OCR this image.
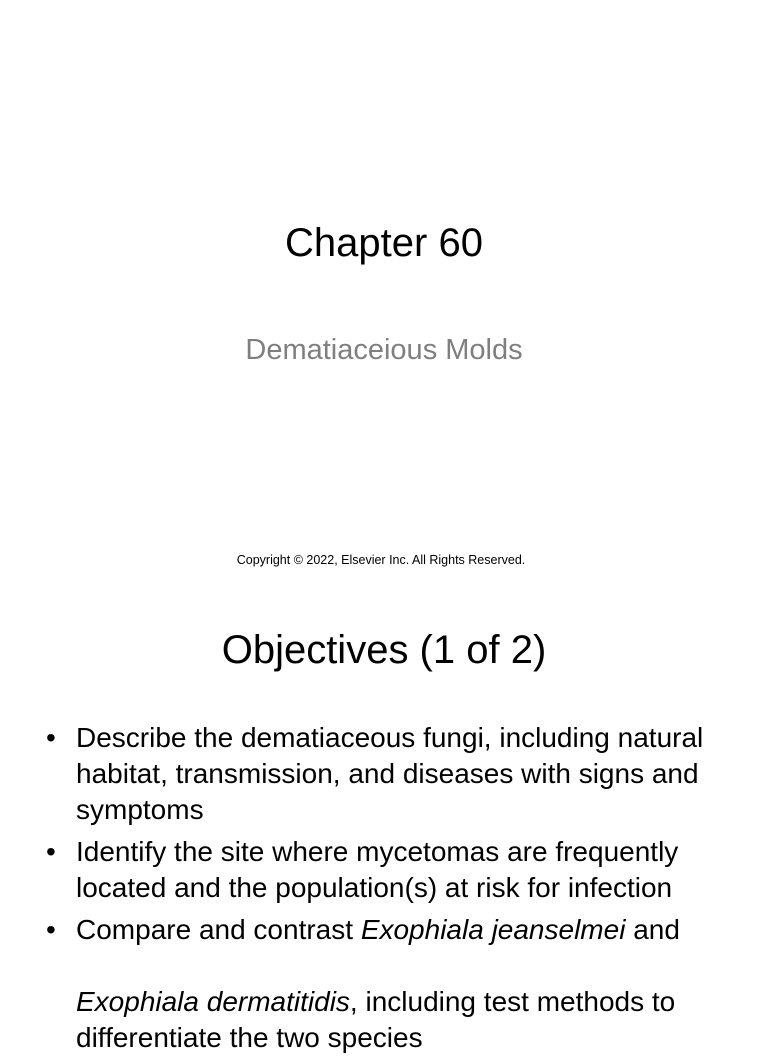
Chapter 60
Dematiaceious Molds
Copyright © 2022, Elsevier Inc. All Rights Reserved.
Objectives (1 of 2)
• Describe the dematiaceous fungi, including natural habitat, transmission, and diseases with signs and symptoms
• Identify the site where mycetomas are frequently located and the population(s) at risk for infection
• Compare and contrast Exophiala jeanselmei and
Exophiala dermatitidis, including test methods to differentiate the two species
